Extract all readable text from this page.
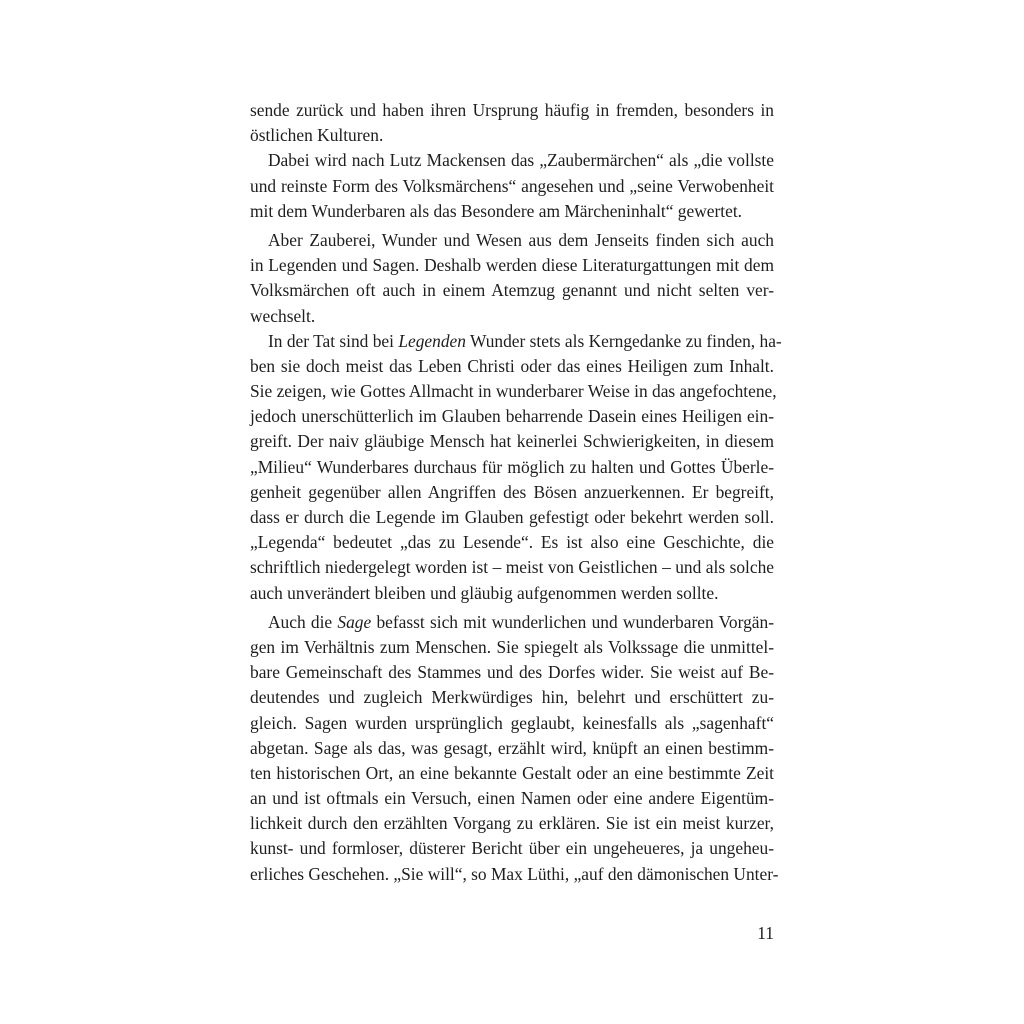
sende zurück und haben ihren Ursprung häufig in fremden, besonders in
östlichen Kulturen.
Dabei wird nach Lutz Mackensen das „Zaubermärchen“ als „die vollste
und reinste Form des Volksmärchens“ angesehen und „seine Verwobenheit
mit dem Wunderbaren als das Besondere am Märcheninhalt“ gewertet.
Aber Zauberei, Wunder und Wesen aus dem Jenseits finden sich auch
in Legenden und Sagen. Deshalb werden diese Literaturgattungen mit dem
Volksmärchen oft auch in einem Atemzug genannt und nicht selten ver-
wechselt.
In der Tat sind bei Legenden Wunder stets als Kerngedanke zu finden, ha-
ben sie doch meist das Leben Christi oder das eines Heiligen zum Inhalt.
Sie zeigen, wie Gottes Allmacht in wunderbarer Weise in das angefochtene,
jedoch unerschütterlich im Glauben beharrende Dasein eines Heiligen ein-
greift. Der naiv gläubige Mensch hat keinerlei Schwierigkeiten, in diesem
„Milieu“ Wunderbares durchaus für möglich zu halten und Gottes Überle-
genheit gegenüber allen Angriffen des Bösen anzuerkennen. Er begreift,
dass er durch die Legende im Glauben gefestigt oder bekehrt werden soll.
„Legenda“ bedeutet „das zu Lesende“. Es ist also eine Geschichte, die
schriftlich niedergelegt worden ist – meist von Geistlichen – und als solche
auch unverändert bleiben und gläubig aufgenommen werden sollte.
Auch die Sage befasst sich mit wunderlichen und wunderbaren Vorgän-
gen im Verhältnis zum Menschen. Sie spiegelt als Volkssage die unmittel-
bare Gemeinschaft des Stammes und des Dorfes wider. Sie weist auf Be-
deutendes und zugleich Merkwürdiges hin, belehrt und erschüttert zu-
gleich. Sagen wurden ursprünglich geglaubt, keinesfalls als „sagenhaft“
abgetan. Sage als das, was gesagt, erzählt wird, knüpft an einen bestimm-
ten historischen Ort, an eine bekannte Gestalt oder an eine bestimmte Zeit
an und ist oftmals ein Versuch, einen Namen oder eine andere Eigentüm-
lichkeit durch den erzählten Vorgang zu erklären. Sie ist ein meist kurzer,
kunst- und formloser, düsterer Bericht über ein ungeheueres, ja ungeheu-
erliches Geschehen. „Sie will“, so Max Lüthi, „auf den dämonischen Unter-
11
